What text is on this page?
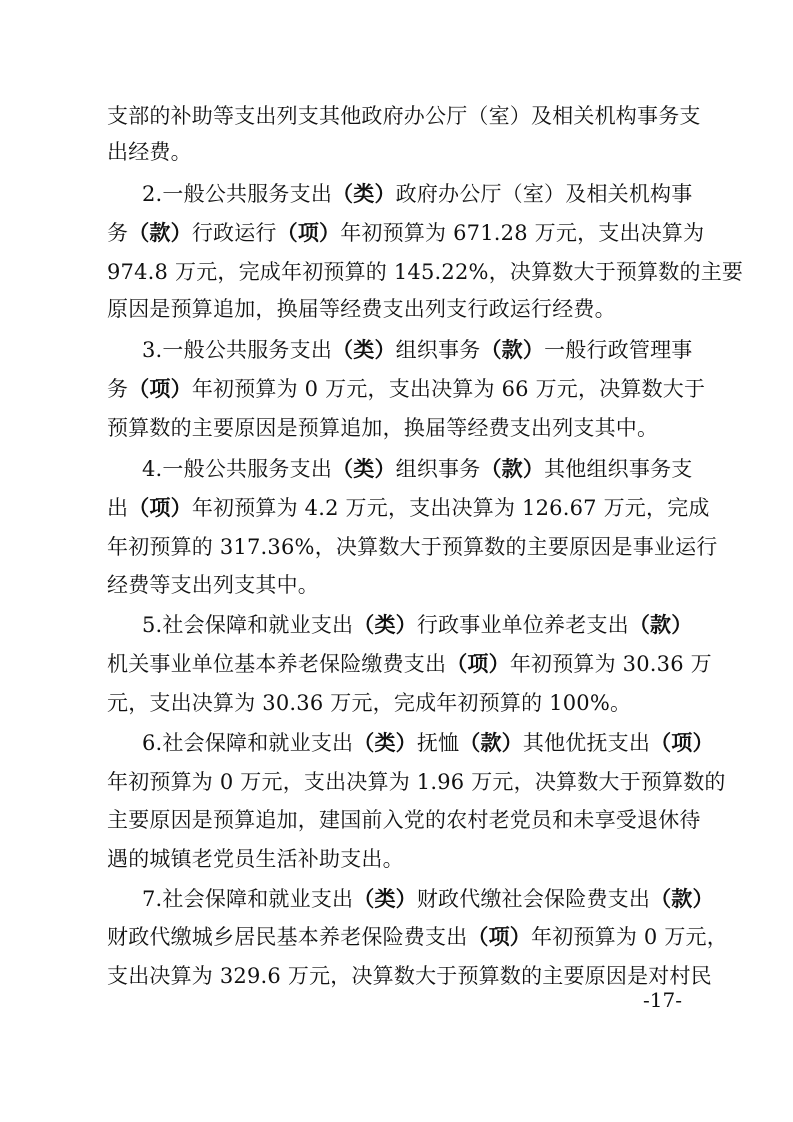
支部的补助等支出列支其他政府办公厅（室）及相关机构事务支
出经费。
2.一般公共服务支出（类）政府办公厅（室）及相关机构事
务（款）行政运行（项）年初预算为 671.28 万元，支出决算为
974.8 万元，完成年初预算的 145.22%，决算数大于预算数的主要
原因是预算追加，换届等经费支出列支行政运行经费。
3.一般公共服务支出（类）组织事务（款）一般行政管理事
务（项）年初预算为 0 万元，支出决算为 66 万元，决算数大于
预算数的主要原因是预算追加，换届等经费支出列支其中。
4.一般公共服务支出（类）组织事务（款）其他组织事务支
出（项）年初预算为 4.2 万元，支出决算为 126.67 万元，完成
年初预算的 317.36%，决算数大于预算数的主要原因是事业运行
经费等支出列支其中。
5.社会保障和就业支出（类）行政事业单位养老支出（款）
机关事业单位基本养老保险缴费支出（项）年初预算为 30.36 万
元，支出决算为 30.36 万元，完成年初预算的 100%。
6.社会保障和就业支出（类）抚恤（款）其他优抚支出（项）
年初预算为 0 万元，支出决算为 1.96 万元，决算数大于预算数的
主要原因是预算追加，建国前入党的农村老党员和未享受退休待
遇的城镇老党员生活补助支出。
7.社会保障和就业支出（类）财政代缴社会保险费支出（款）
财政代缴城乡居民基本养老保险费支出（项）年初预算为 0 万元，
支出决算为 329.6 万元，决算数大于预算数的主要原因是对村民
-17-
